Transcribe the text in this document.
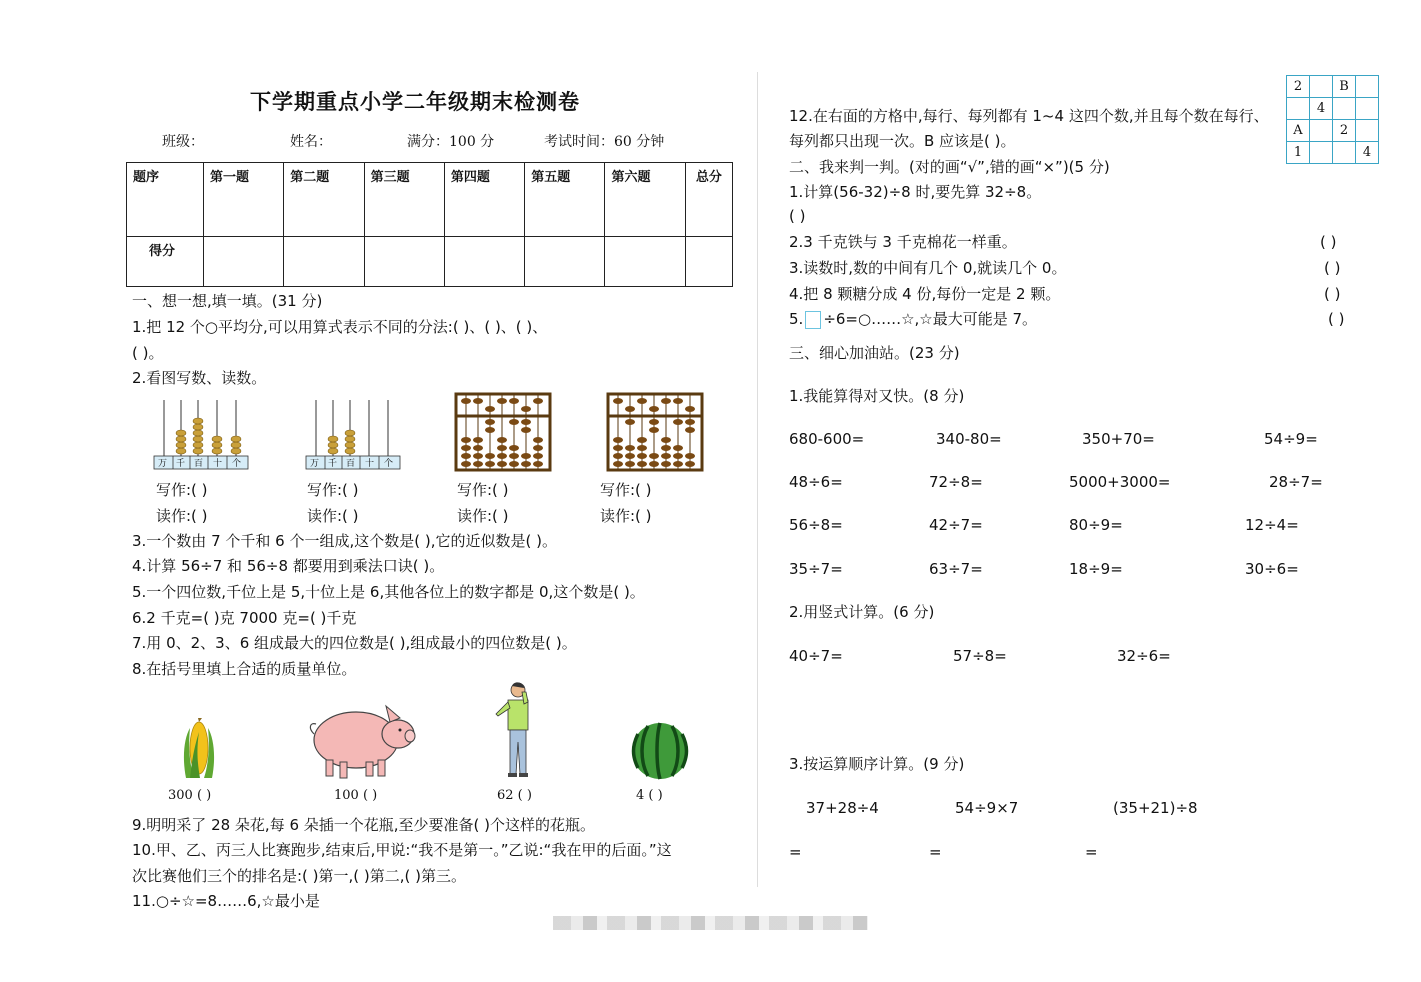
下学期重点小学二年级期末检测卷
班级：	姓名：	满分：100 分	考试时间：60 分钟
题序	第一题	第二题	第三题	第四题	第五题	第六题	总分
得分							
一、想一想,填一填。(31 分)
1.把 12 个○平均分,可以用算式表示不同的分法:( )、( )、( )、
( )。
2.看图写数、读数。
万 千 百 十 个	万 千 百 十 个
写作:( )	写作:( )	写作:( )	写作:( )
读作:( )	读作:( )	读作:( )	读作:( )
3.一个数由 7 个千和 6 个一组成,这个数是( ),它的近似数是( )。
4.计算 56÷7 和 56÷8 都要用到乘法口诀( )。
5.一个四位数,千位上是 5,十位上是 6,其他各位上的数字都是 0,这个数是( )。
6.2 千克=( )克 7000 克=( )千克
7.用 0、2、3、6 组成最大的四位数是( ),组成最小的四位数是( )。
8.在括号里填上合适的质量单位。
300 ( )	100 ( )	62 ( )	4 ( )
9.明明采了 28 朵花,每 6 朵插一个花瓶,至少要准备( )个这样的花瓶。
10.甲、乙、丙三人比赛跑步,结束后,甲说:“我不是第一。”乙说:“我在甲的后面。”这
次比赛他们三个的排名是:( )第一,( )第二,( )第三。
11.○÷☆=8……6,☆最小是
2		B	
	4		
A		2	
1			4
12.在右面的方格中,每行、每列都有 1~4 这四个数,并且每个数在每行、
每列都只出现一次。B 应该是( )。
二、我来判一判。(对的画“√”,错的画“×”)(5 分)
1.计算(56-32)÷8 时,要先算 32÷8。
( )
2.3 千克铁与 3 千克棉花一样重。	( )
3.读数时,数的中间有几个 0,就读几个 0。	( )
4.把 8 颗糖分成 4 份,每份一定是 2 颗。	( )
5. ÷6=○……☆,☆最大可能是 7。	( )
三、细心加油站。(23 分)
1.我能算得对又快。(8 分)
680-600=	340-80=	350+70=	54÷9=
48÷6=	72÷8=	5000+3000=	28÷7=
56÷8=	42÷7=	80÷9=	12÷4=
35÷7=	63÷7=	18÷9=	30÷6=
2.用竖式计算。(6 分)
40÷7=	57÷8=	32÷6=
3.按运算顺序计算。(9 分)
37+28÷4	54÷9×7	(35+21)÷8
=	=	=
